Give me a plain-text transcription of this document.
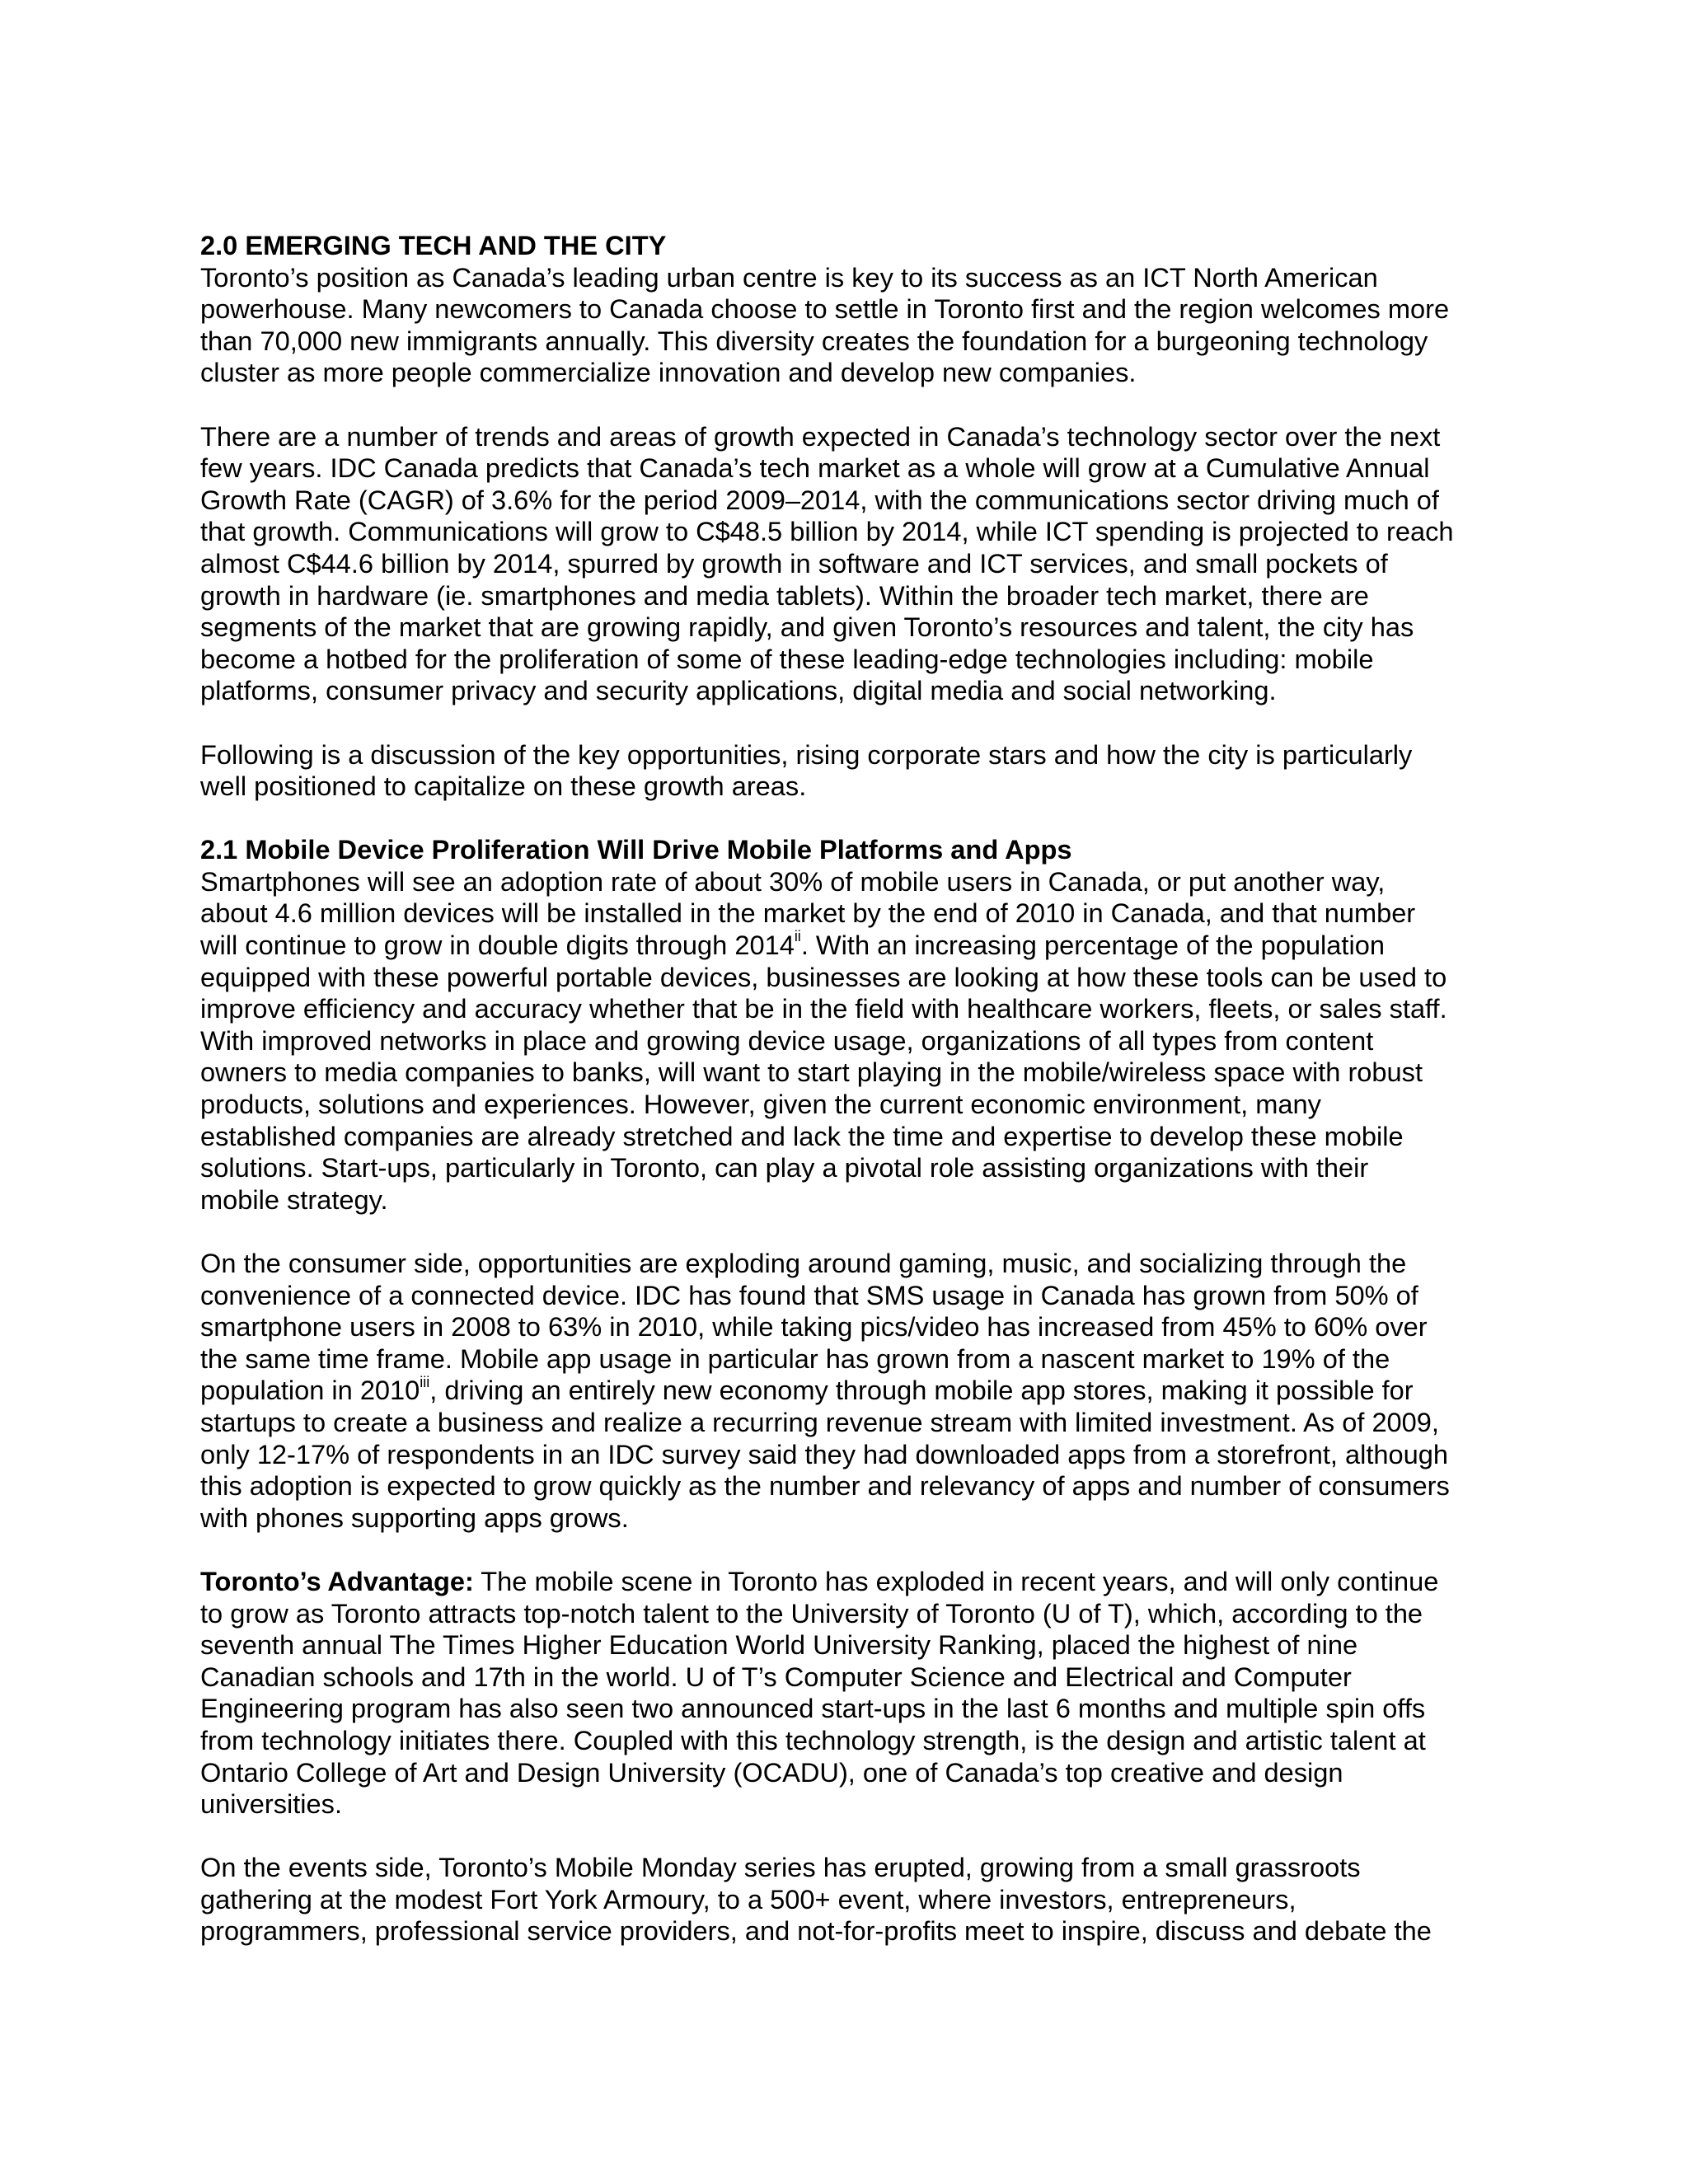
2.0 EMERGING TECH AND THE CITY

Toronto’s position as Canada’s leading urban centre is key to its success as an ICT North American

powerhouse. Many newcomers to Canada choose to settle in Toronto first and the region welcomes more

than 70,000 new immigrants annually. This diversity creates the foundation for a burgeoning technology

cluster as more people commercialize innovation and develop new companies.

There are a number of trends and areas of growth expected in Canada’s technology sector over the next

few years. IDC Canada predicts that Canada’s tech market as a whole will grow at a Cumulative Annual

Growth Rate (CAGR) of 3.6% for the period 2009–2014, with the communications sector driving much of

that growth. Communications will grow to C$48.5 billion by 2014, while ICT spending is projected to reach

almost C$44.6 billion by 2014, spurred by growth in software and ICT services, and small pockets of

growth in hardware (ie. smartphones and media tablets). Within the broader tech market, there are

segments of the market that are growing rapidly, and given Toronto’s resources and talent, the city has

become a hotbed for the proliferation of some of these leading-edge technologies including: mobile

platforms, consumer privacy and security applications, digital media and social networking.

Following is a discussion of the key opportunities, rising corporate stars and how the city is particularly

well positioned to capitalize on these growth areas.

2.1 Mobile Device Proliferation Will Drive Mobile Platforms and Apps

Smartphones will see an adoption rate of about 30% of mobile users in Canada, or put another way,

about 4.6 million devices will be installed in the market by the end of 2010 in Canada, and that number

will continue to grow in double digits through 2014$^{ii}$. With an increasing percentage of the population

equipped with these powerful portable devices, businesses are looking at how these tools can be used to

improve efficiency and accuracy whether that be in the field with healthcare workers, fleets, or sales staff.

With improved networks in place and growing device usage, organizations of all types from content

owners to media companies to banks, will want to start playing in the mobile/wireless space with robust

products, solutions and experiences. However, given the current economic environment, many

established companies are already stretched and lack the time and expertise to develop these mobile

solutions. Start-ups, particularly in Toronto, can play a pivotal role assisting organizations with their

mobile strategy.

On the consumer side, opportunities are exploding around gaming, music, and socializing through the

convenience of a connected device. IDC has found that SMS usage in Canada has grown from 50% of

smartphone users in 2008 to 63% in 2010, while taking pics/video has increased from 45% to 60% over

the same time frame. Mobile app usage in particular has grown from a nascent market to 19% of the

population in 2010$^{iii}$, driving an entirely new economy through mobile app stores, making it possible for

startups to create a business and realize a recurring revenue stream with limited investment. As of 2009,

only 12-17% of respondents in an IDC survey said they had downloaded apps from a storefront, although

this adoption is expected to grow quickly as the number and relevancy of apps and number of consumers

with phones supporting apps grows.

Toronto’s Advantage: The mobile scene in Toronto has exploded in recent years, and will only continue

to grow as Toronto attracts top-notch talent to the University of Toronto (U of T), which, according to the

seventh annual The Times Higher Education World University Ranking, placed the highest of nine

Canadian schools and 17th in the world. U of T’s Computer Science and Electrical and Computer

Engineering program has also seen two announced start-ups in the last 6 months and multiple spin offs

from technology initiates there. Coupled with this technology strength, is the design and artistic talent at

Ontario College of Art and Design University (OCADU), one of Canada’s top creative and design

universities.

On the events side, Toronto’s Mobile Monday series has erupted, growing from a small grassroots

gathering at the modest Fort York Armoury, to a 500+ event, where investors, entrepreneurs,

programmers, professional service providers, and not-for-profits meet to inspire, discuss and debate the
